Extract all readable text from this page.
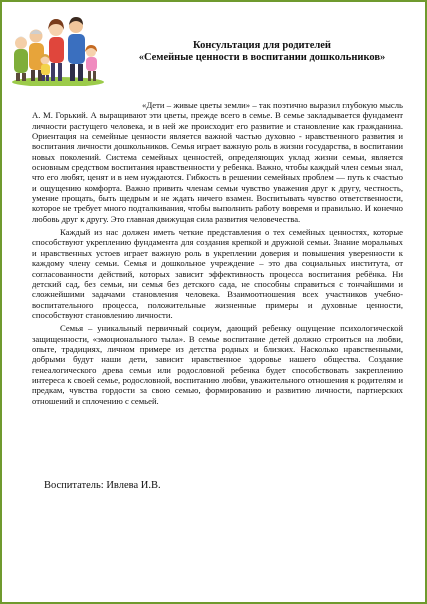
Консультация для родителей
«Семейные ценности в воспитании дошкольников»

«Дети – живые цветы земли» – так поэтично выразил глубокую мысль А. М. Горький. А выращивают эти цветы, прежде всего в семье. В семье закладывается фундамент личности растущего человека, и в ней же происходит его развитие и становление как гражданина. Ориентация на семейные ценности является важной частью духовно - нравственного развития и воспитания личности дошкольников. Семья играет важную роль в жизни государства, в воспитании новых поколений. Система семейных ценностей, определяющих уклад жизни семьи, является основным средством воспитания нравственности у ребенка. Важно, чтобы каждый член семьи знал, что его любят, ценят и в нем нуждаются. Гибкость в решении семейных проблем — путь к счастью и ощущению комфорта. Важно привить членам семьи чувство уважения друг к другу, честность, умение прощать, быть щедрым и не ждать ничего взамен. Воспитывать чувство ответственности, которое не требует много подталкивания, чтобы выполнить работу вовремя и правильно. И конечно любовь друг к другу. Это главная движущая сила развития человечества.

Каждый из нас должен иметь четкие представления о тех семейных ценностях, которые способствуют укреплению фундамента для создания крепкой и дружной семьи. Знание моральных и нравственных устоев играет важную роль в укреплении доверия и повышения уверенности к каждому члену семьи. Семья и дошкольное учреждение – это два социальных института, от согласованности действий, которых зависит эффективность процесса воспитания ребёнка. Ни детский сад, без семьи, ни семья без детского сада, не способны справиться с тончайшими и сложнейшими задачами становления человека. Взаимоотношения всех участников учебно-воспитательного процесса, положительные жизненные примеры и духовные ценности, способствуют становлению личности.

Семья – уникальный первичный социум, дающий ребенку ощущение психологической защищенности, «эмоционального тыла». В семье воспитание детей должно строиться на любви, опыте, традициях, личном примере из детства родных и близких. Насколько нравственными, добрыми будут наши дети, зависит нравственное здоровье нашего общества. Создание генеалогического древа семьи или родословной ребенка будет способствовать закреплению интереса к своей семье, родословной, воспитанию любви, уважительного отношения к родителям и предкам, чувства гордости за свою семью, формированию и развитию личности, партнерских отношений и сплочению с семьей.

Воспитатель: Ивлева И.В.
